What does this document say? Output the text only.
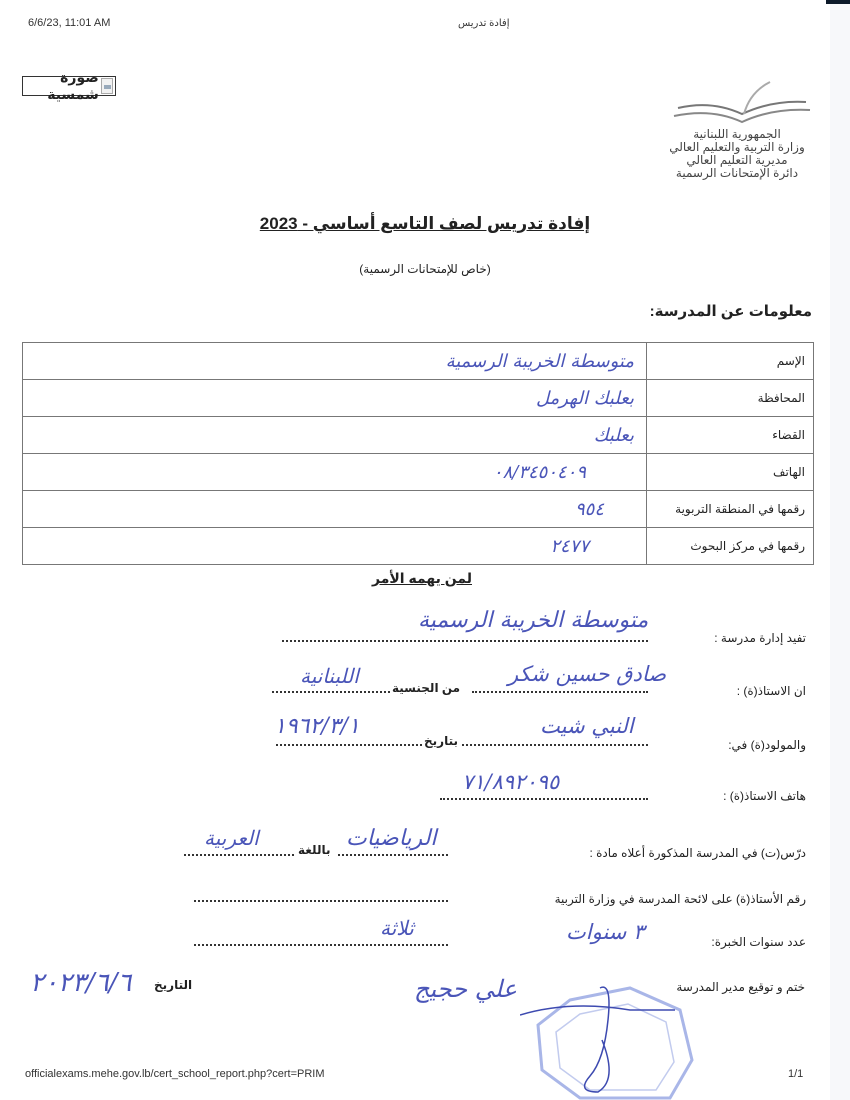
6/6/23, 11:01 AM	إفادة تدريس
صورة شمسية
الجمهورية اللبنانية
وزارة التربية والتعليم العالي
مديرية التعليم العالي
دائرة الإمتحانات الرسمية
إفادة تدريس لصف التاسع أساسي - 2023
(خاص للإمتحانات الرسمية)
معلومات عن المدرسة:
متوسطة الخريبة الرسمية	الإسم
بعلبك الهرمل	المحافظة
بعلبك	القضاء
٠٨/٣٤٥٠٤٠٩	الهاتف
٩٥٤	رقمها في المنطقة التربوية
٢٤٧٧	رقمها في مركز البحوث
لمن يهمه الأمر
تفيد إدارة مدرسة :
متوسطة الخريبة الرسمية
ان الاستاذ(ة) :
صادق حسين شكر
من الجنسية
اللبنانية
والمولود(ة) في:
النبي شيت
بتاريخ
١٩٦٢/٣/١
هاتف الاستاذ(ة) :
٧١/٨٩٢٠٩٥
درّس(ت) في المدرسة المذكورة أعلاه مادة :
الرياضيات
باللغة
العربية
رقم الأستاذ(ة) على لائحة المدرسة في وزارة التربية
عدد سنوات الخبرة:
٣ سنوات
ثلاثة
ختم و توقيع مدير المدرسة
علي حجيج
التاريخ
٢٠٢٣/٦/٦
officialexams.mehe.gov.lb/cert_school_report.php?cert=PRIM	1/1
